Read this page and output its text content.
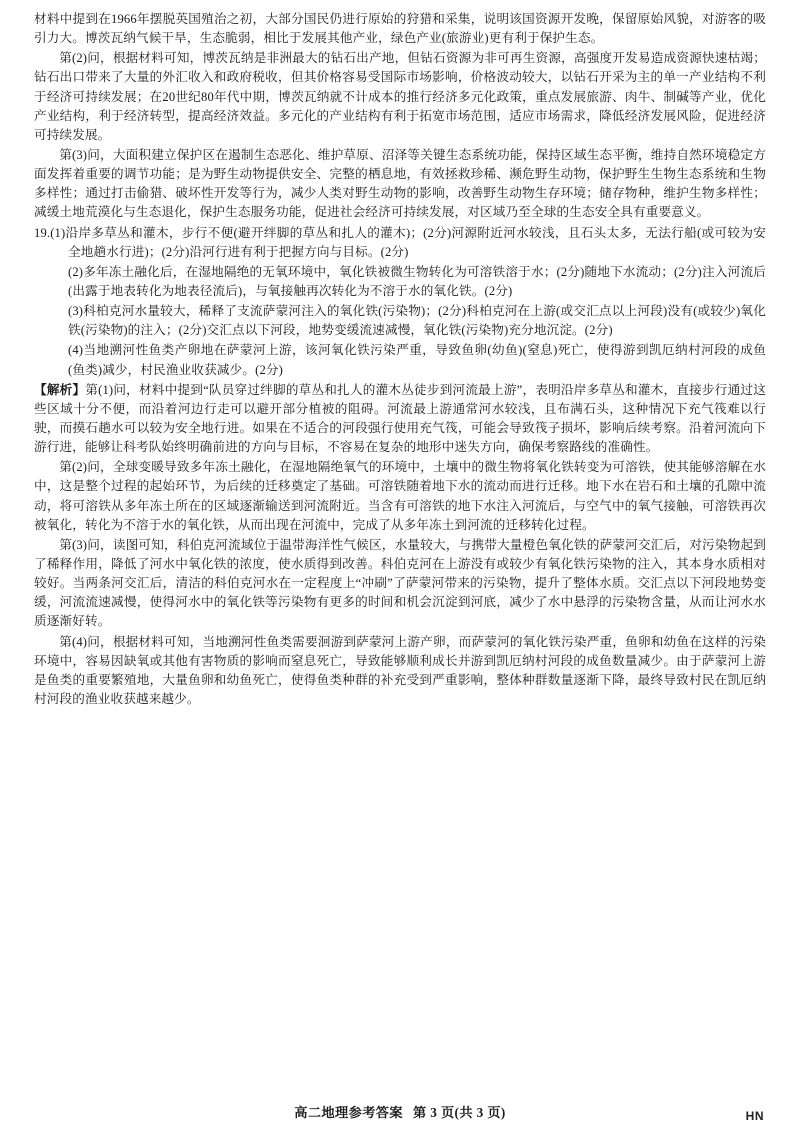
材料中提到在1966年摆脱英国殖治之初，大部分国民仍进行原始的狩猎和采集，说明该国资源开发晚，保留原始风貌，对游客的吸引力大。博茨瓦纳气候干旱，生态脆弱，相比于发展其他产业，绿色产业(旅游业)更有利于保护生态。

第(2)问，根据材料可知，博茨瓦纳是非洲最大的钻石出产地，但钻石资源为非可再生资源，高强度开发易造成资源快速枯竭；钻石出口带来了大量的外汇收入和政府税收，但其价格容易受国际市场影响，价格波动较大，以钻石开采为主的单一产业结构不利于经济可持续发展；在20世纪80年代中期，博茨瓦纳就不计成本的推行经济多元化政策，重点发展旅游、肉牛、制碱等产业，优化产业结构，利于经济转型，提高经济效益。多元化的产业结构有利于拓宽市场范围，适应市场需求，降低经济发展风险，促进经济可持续发展。

第(3)问，大面积建立保护区在遏制生态恶化、维护草原、沼泽等关键生态系统功能，保持区域生态平衡，维持自然环境稳定方面发挥着重要的调节功能；是为野生动物提供安全、完整的栖息地，有效拯救珍稀、濒危野生动物，保护野生生物生态系统和生物多样性；通过打击偷猎、破坏性开发等行为，减少人类对野生动物的影响，改善野生动物生存环境；储存物种，维护生物多样性；减缓土地荒漠化与生态退化，保护生态服务功能，促进社会经济可持续发展，对区域乃至全球的生态安全具有重要意义。

19.(1)沿岸多草丛和灌木，步行不便(避开绊脚的草丛和扎人的灌木)；(2分)河源附近河水较浅，且石头太多，无法行船(或可较为安全地趟水行进)；(2分)沿河行进有利于把握方向与目标。(2分)

(2)多年冻土融化后，在湿地隔绝的无氧环境中，氧化铁被微生物转化为可溶铁溶于水；(2分)随地下水流动；(2分)注入河流后(出露于地表转化为地表径流后)，与氧接触再次转化为不溶于水的氧化铁。(2分)

(3)科柏克河水量较大，稀释了支流萨蒙河注入的氧化铁(污染物)；(2分)科柏克河在上游(或交汇点以上河段)没有(或较少)氧化铁(污染物)的注入；(2分)交汇点以下河段，地势变缓流速减慢，氧化铁(污染物)充分地沉淀。(2分)

(4)当地溯河性鱼类产卵地在萨蒙河上游，该河氧化铁污染严重，导致鱼卵(幼鱼)(窒息)死亡，使得游到凯厄纳村河段的成鱼(鱼类)减少，村民渔业收获减少。(2分)

【解析】第(1)问，材料中提到“队员穿过绊脚的草丛和扎人的灌木丛徒步到河流最上游”，表明沿岸多草丛和灌木，直接步行通过这些区域十分不便，而沿着河边行走可以避开部分植被的阻碍。河流最上游通常河水较浅，且布满石头，这种情况下充气筏难以行驶，而摸石趟水可以较为安全地行进。如果在不适合的河段强行使用充气筏，可能会导致筏子损坏，影响后续考察。沿着河流向下游行进，能够让科考队始终明确前进的方向与目标，不容易在复杂的地形中迷失方向，确保考察路线的准确性。

第(2)问，全球变暖导致多年冻土融化，在湿地隔绝氧气的环境中，土壤中的微生物将氧化铁转变为可溶铁，使其能够溶解在水中，这是整个过程的起始环节，为后续的迁移奠定了基础。可溶铁随着地下水的流动而进行迁移。地下水在岩石和土壤的孔隙中流动，将可溶铁从多年冻土所在的区域逐渐输送到河流附近。当含有可溶铁的地下水注入河流后，与空气中的氧气接触，可溶铁再次被氧化，转化为不溶于水的氧化铁，从而出现在河流中，完成了从多年冻土到河流的迁移转化过程。

第(3)问，读图可知，科伯克河流域位于温带海洋性气候区，水量较大，与携带大量橙色氧化铁的萨蒙河交汇后，对污染物起到了稀释作用，降低了河水中氧化铁的浓度，使水质得到改善。科伯克河在上游没有或较少有氧化铁污染物的注入，其本身水质相对较好。当两条河交汇后，清洁的科伯克河水在一定程度上“冲刷”了萨蒙河带来的污染物，提升了整体水质。交汇点以下河段地势变缓，河流流速减慢，使得河水中的氧化铁等污染物有更多的时间和机会沉淀到河底，减少了水中悬浮的污染物含量，从而让河水水质逐渐好转。

第(4)问，根据材料可知，当地溯河性鱼类需要洄游到萨蒙河上游产卵，而萨蒙河的氧化铁污染严重，鱼卵和幼鱼在这样的污染环境中，容易因缺氧或其他有害物质的影响而窒息死亡，导致能够顺利成长并游到凯厄纳村河段的成鱼数量减少。由于萨蒙河上游是鱼类的重要繁殖地，大量鱼卵和幼鱼死亡，使得鱼类种群的补充受到严重影响，整体种群数量逐渐下降，最终导致村民在凯厄纳村河段的渔业收获越来越少。

高二地理参考答案 第 3 页(共 3 页)	HN
